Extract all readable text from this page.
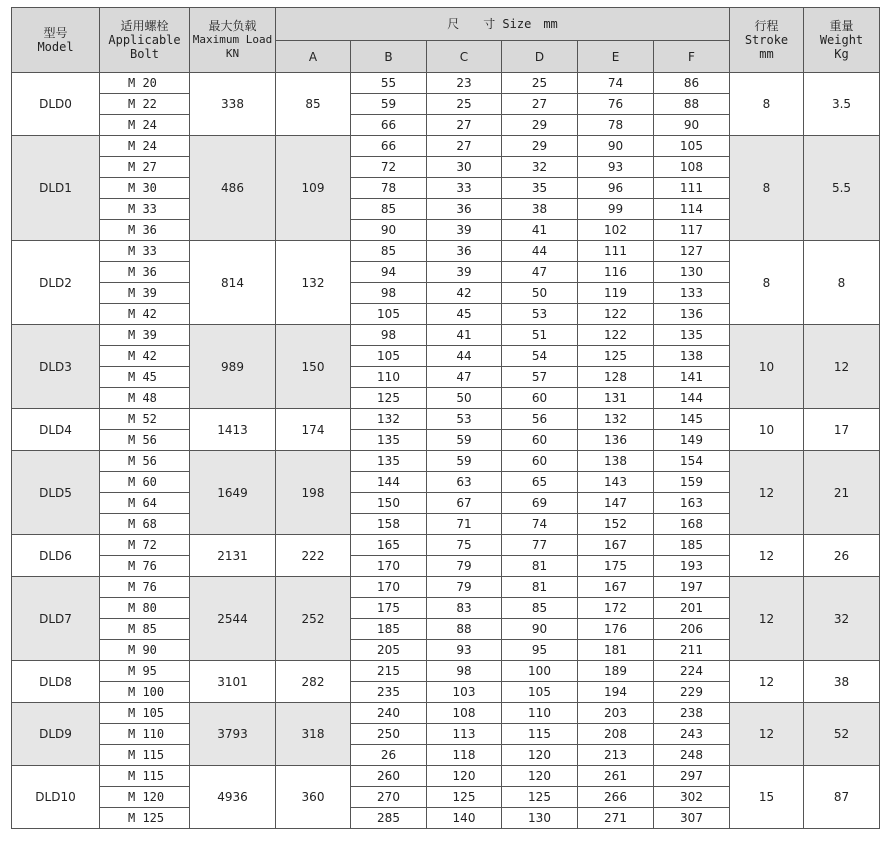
型号
Model	适用螺栓
Applicable
Bolt	最大负载
Maximum Load
KN	尺　　寸 Size　mm						行程
Stroke
mm	重量
Weight
Kg

			A	B	C	D	E	F		
DLD0	M 20	338	85	55	23	25	74	86	8	3.5
	M 22			59	25	27	76	88		
	M 24			66	27	29	78	90		
DLD1	M 24	486	109	66	27	29	90	105	8	5.5
	M 27			72	30	32	93	108		
	M 30			78	33	35	96	111		
	M 33			85	36	38	99	114		
	M 36			90	39	41	102	117		
DLD2	M 33	814	132	85	36	44	111	127	8	8
	M 36			94	39	47	116	130		
	M 39			98	42	50	119	133		
	M 42			105	45	53	122	136		
DLD3	M 39	989	150	98	41	51	122	135	10	12
	M 42			105	44	54	125	138		
	M 45			110	47	57	128	141		
	M 48			125	50	60	131	144		
DLD4	M 52	1413	174	132	53	56	132	145	10	17
	M 56			135	59	60	136	149		
DLD5	M 56	1649	198	135	59	60	138	154	12	21
	M 60			144	63	65	143	159		
	M 64			150	67	69	147	163		
	M 68			158	71	74	152	168		
DLD6	M 72	2131	222	165	75	77	167	185	12	26
	M 76			170	79	81	175	193		
DLD7	M 76	2544	252	170	79	81	167	197	12	32
	M 80			175	83	85	172	201		
	M 85			185	88	90	176	206		
	M 90			205	93	95	181	211		
DLD8	M 95	3101	282	215	98	100	189	224	12	38
	M 100			235	103	105	194	229		
DLD9	M 105	3793	318	240	108	110	203	238	12	52
	M 110			250	113	115	208	243		
	M 115			26	118	120	213	248		
DLD10	M 115	4936	360	260	120	120	261	297	15	87
	M 120			270	125	125	266	302		
	M 125			285	140	130	271	307		
